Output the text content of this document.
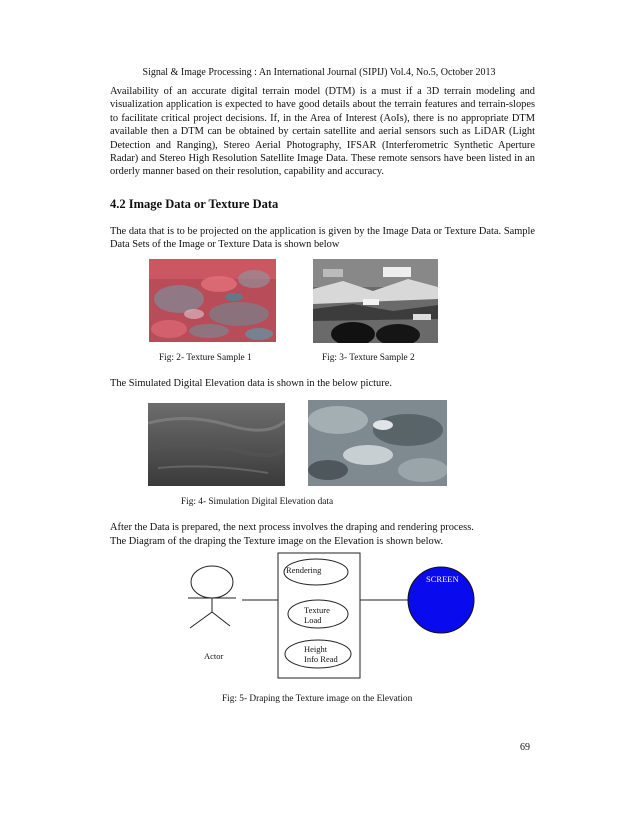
Signal & Image Processing : An International Journal (SIPIJ) Vol.4, No.5, October 2013

Availability of an accurate digital terrain model (DTM) is a must if a 3D terrain modeling and visualization application is expected to have good details about the terrain features and terrain-slopes to facilitate critical project decisions. If, in the Area of Interest (AoIs), there is no appropriate DTM available then a DTM can be obtained by certain satellite and aerial sensors such as LiDAR (Light Detection and Ranging), Stereo Aerial Photography, IFSAR (Interferometric Synthetic Aperture Radar) and Stereo High Resolution Satellite Image Data. These remote sensors have been listed in an orderly manner based on their resolution, capability and accuracy.

4.2 Image Data or Texture Data

The data that is to be projected on the application is given by the Image Data or Texture Data. Sample Data Sets of the Image or Texture Data is shown below

Fig: 2- Texture Sample 1	Fig: 3- Texture Sample 2
The Simulated Digital Elevation data is shown in the below picture.
Fig: 4- Simulation Digital Elevation data
After the Data is prepared, the next process involves the draping and rendering process.
The Diagram of the draping the Texture image on the Elevation is shown below.
Rendering
Texture
Load
Height
Info Read
Actor
SCREEN
Fig: 5- Draping the Texture image on the Elevation
69
